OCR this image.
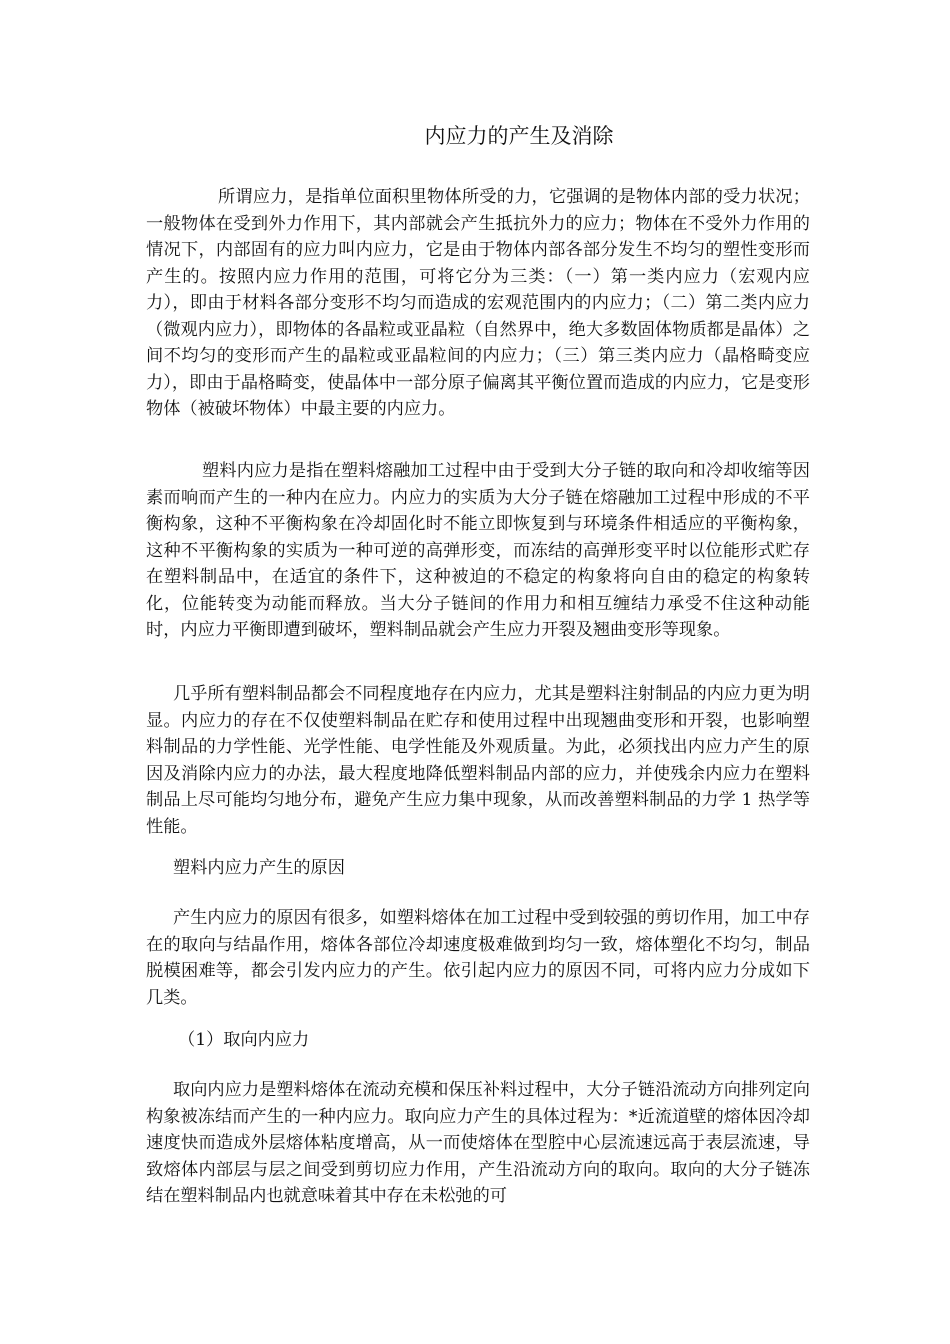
内应力的产生及消除

所谓应力，是指单位面积里物体所受的力，它强调的是物体内部的受力状况；一般物体在受到外力作用下，其内部就会产生抵抗外力的应力；物体在不受外力作用的情况下，内部固有的应力叫内应力，它是由于物体内部各部分发生不均匀的塑性变形而产生的。按照内应力作用的范围，可将它分为三类：（一）第一类内应力（宏观内应力），即由于材料各部分变形不均匀而造成的宏观范围内的内应力；（二）第二类内应力（微观内应力），即物体的各晶粒或亚晶粒（自然界中，绝大多数固体物质都是晶体）之间不均匀的变形而产生的晶粒或亚晶粒间的内应力；（三）第三类内应力（晶格畸变应力），即由于晶格畸变，使晶体中一部分原子偏离其平衡位置而造成的内应力，它是变形物体（被破坏物体）中最主要的内应力。

塑料内应力是指在塑料熔融加工过程中由于受到大分子链的取向和冷却收缩等因素而响而产生的一种内在应力。内应力的实质为大分子链在熔融加工过程中形成的不平衡构象，这种不平衡构象在冷却固化时不能立即恢复到与环境条件相适应的平衡构象，这种不平衡构象的实质为一种可逆的高弹形变，而冻结的高弹形变平时以位能形式贮存在塑料制品中，在适宜的条件下，这种被迫的不稳定的构象将向自由的稳定的构象转化，位能转变为动能而释放。当大分子链间的作用力和相互缠结力承受不住这种动能时，内应力平衡即遭到破坏，塑料制品就会产生应力开裂及翘曲变形等现象。

几乎所有塑料制品都会不同程度地存在内应力，尤其是塑料注射制品的内应力更为明显。内应力的存在不仅使塑料制品在贮存和使用过程中出现翘曲变形和开裂，也影响塑料制品的力学性能、光学性能、电学性能及外观质量。为此，必须找出内应力产生的原因及消除内应力的办法，最大程度地降低塑料制品内部的应力，并使残余内应力在塑料制品上尽可能均匀地分布，避免产生应力集中现象，从而改善塑料制品的力学 1 热学等性能。

塑料内应力产生的原因

产生内应力的原因有很多，如塑料熔体在加工过程中受到较强的剪切作用，加工中存在的取向与结晶作用，熔体各部位冷却速度极难做到均匀一致，熔体塑化不均匀，制品脱模困难等，都会引发内应力的产生。依引起内应力的原因不同，可将内应力分成如下几类。

（1）取向内应力

取向内应力是塑料熔体在流动充模和保压补料过程中，大分子链沿流动方向排列定向构象被冻结而产生的一种内应力。取向应力产生的具体过程为：*近流道壁的熔体因冷却速度快而造成外层熔体粘度增高，从一而使熔体在型腔中心层流速远高于表层流速，导致熔体内部层与层之间受到剪切应力作用，产生沿流动方向的取向。取向的大分子链冻结在塑料制品内也就意味着其中存在未松弛的可
